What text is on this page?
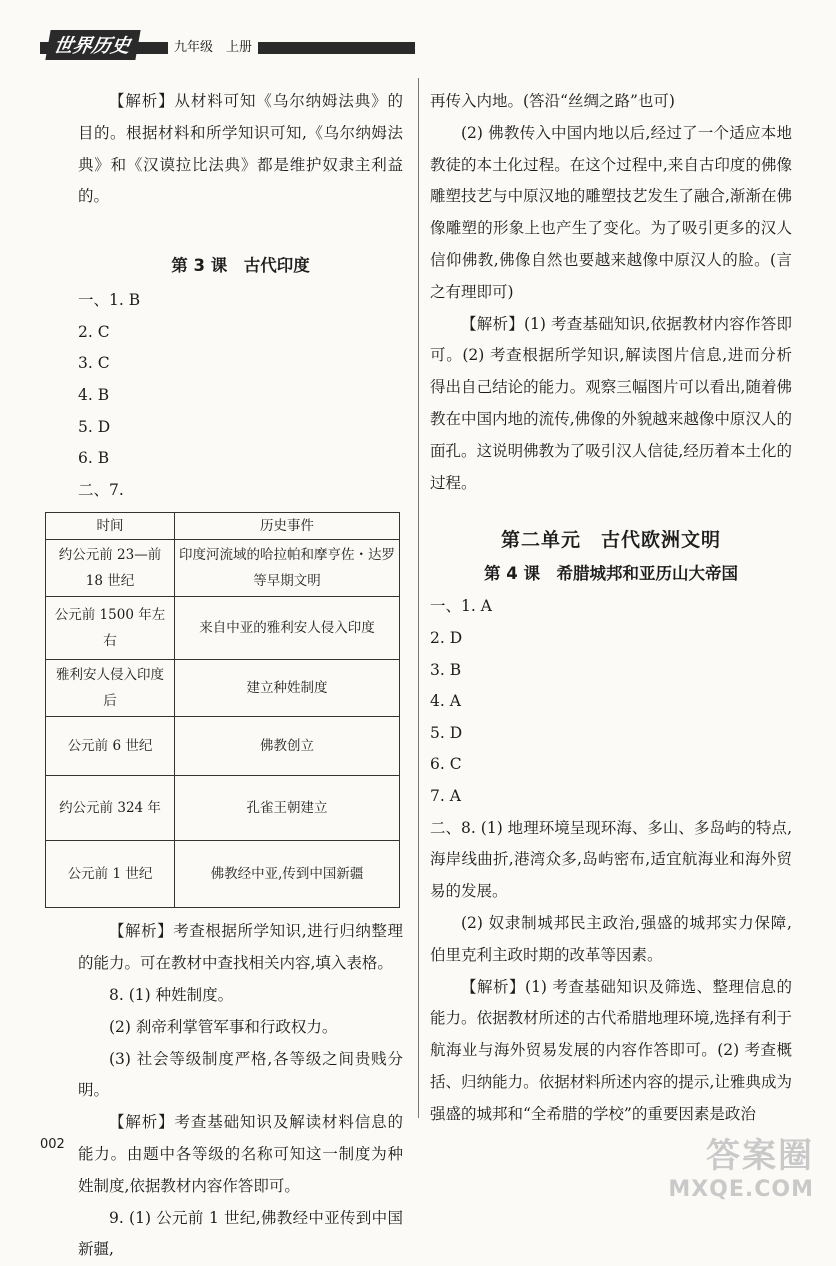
世界历史	九年级　上册

【解析】从材料可知《乌尔纳姆法典》的目的。根据材料和所学知识可知,《乌尔纳姆法典》和《汉谟拉比法典》都是维护奴隶主利益的。

第 3 课　古代印度

一、1. B

2. C

3. C

4. B

5. D

6. B

二、7.

时间	历史事件
约公元前 23—前 18 世纪	印度河流域的哈拉帕和摩亨佐・达罗等早期文明
公元前 1500 年左右	来自中亚的雅利安人侵入印度
雅利安人侵入印度后	建立种姓制度
公元前 6 世纪	佛教创立
约公元前 324 年	孔雀王朝建立
公元前 1 世纪	佛教经中亚,传到中国新疆

【解析】考查根据所学知识,进行归纳整理的能力。可在教材中查找相关内容,填入表格。

8. (1) 种姓制度。

(2) 刹帝利掌管军事和行政权力。

(3) 社会等级制度严格,各等级之间贵贱分明。

【解析】考查基础知识及解读材料信息的能力。由题中各等级的名称可知这一制度为种姓制度,依据教材内容作答即可。

9. (1) 公元前 1 世纪,佛教经中亚传到中国新疆,

再传入内地。(答沿“丝绸之路”也可)

(2) 佛教传入中国内地以后,经过了一个适应本地教徒的本土化过程。在这个过程中,来自古印度的佛像雕塑技艺与中原汉地的雕塑技艺发生了融合,渐渐在佛像雕塑的形象上也产生了变化。为了吸引更多的汉人信仰佛教,佛像自然也要越来越像中原汉人的脸。(言之有理即可)

【解析】(1) 考查基础知识,依据教材内容作答即可。(2) 考查根据所学知识,解读图片信息,进而分析得出自己结论的能力。观察三幅图片可以看出,随着佛教在中国内地的流传,佛像的外貌越来越像中原汉人的面孔。这说明佛教为了吸引汉人信徒,经历着本土化的过程。

第二单元　古代欧洲文明

第 4 课　希腊城邦和亚历山大帝国

一、1. A

2. D

3. B

4. A

5. D

6. C

7. A

二、8. (1) 地理环境呈现环海、多山、多岛屿的特点,海岸线曲折,港湾众多,岛屿密布,适宜航海业和海外贸易的发展。

(2) 奴隶制城邦民主政治,强盛的城邦实力保障,伯里克利主政时期的改革等因素。

【解析】(1) 考查基础知识及筛选、整理信息的能力。依据教材所述的古代希腊地理环境,选择有利于航海业与海外贸易发展的内容作答即可。(2) 考查概括、归纳能力。依据材料所述内容的提示,让雅典成为强盛的城邦和“全希腊的学校”的重要因素是政治

002	答案圈
MXQE.COM
